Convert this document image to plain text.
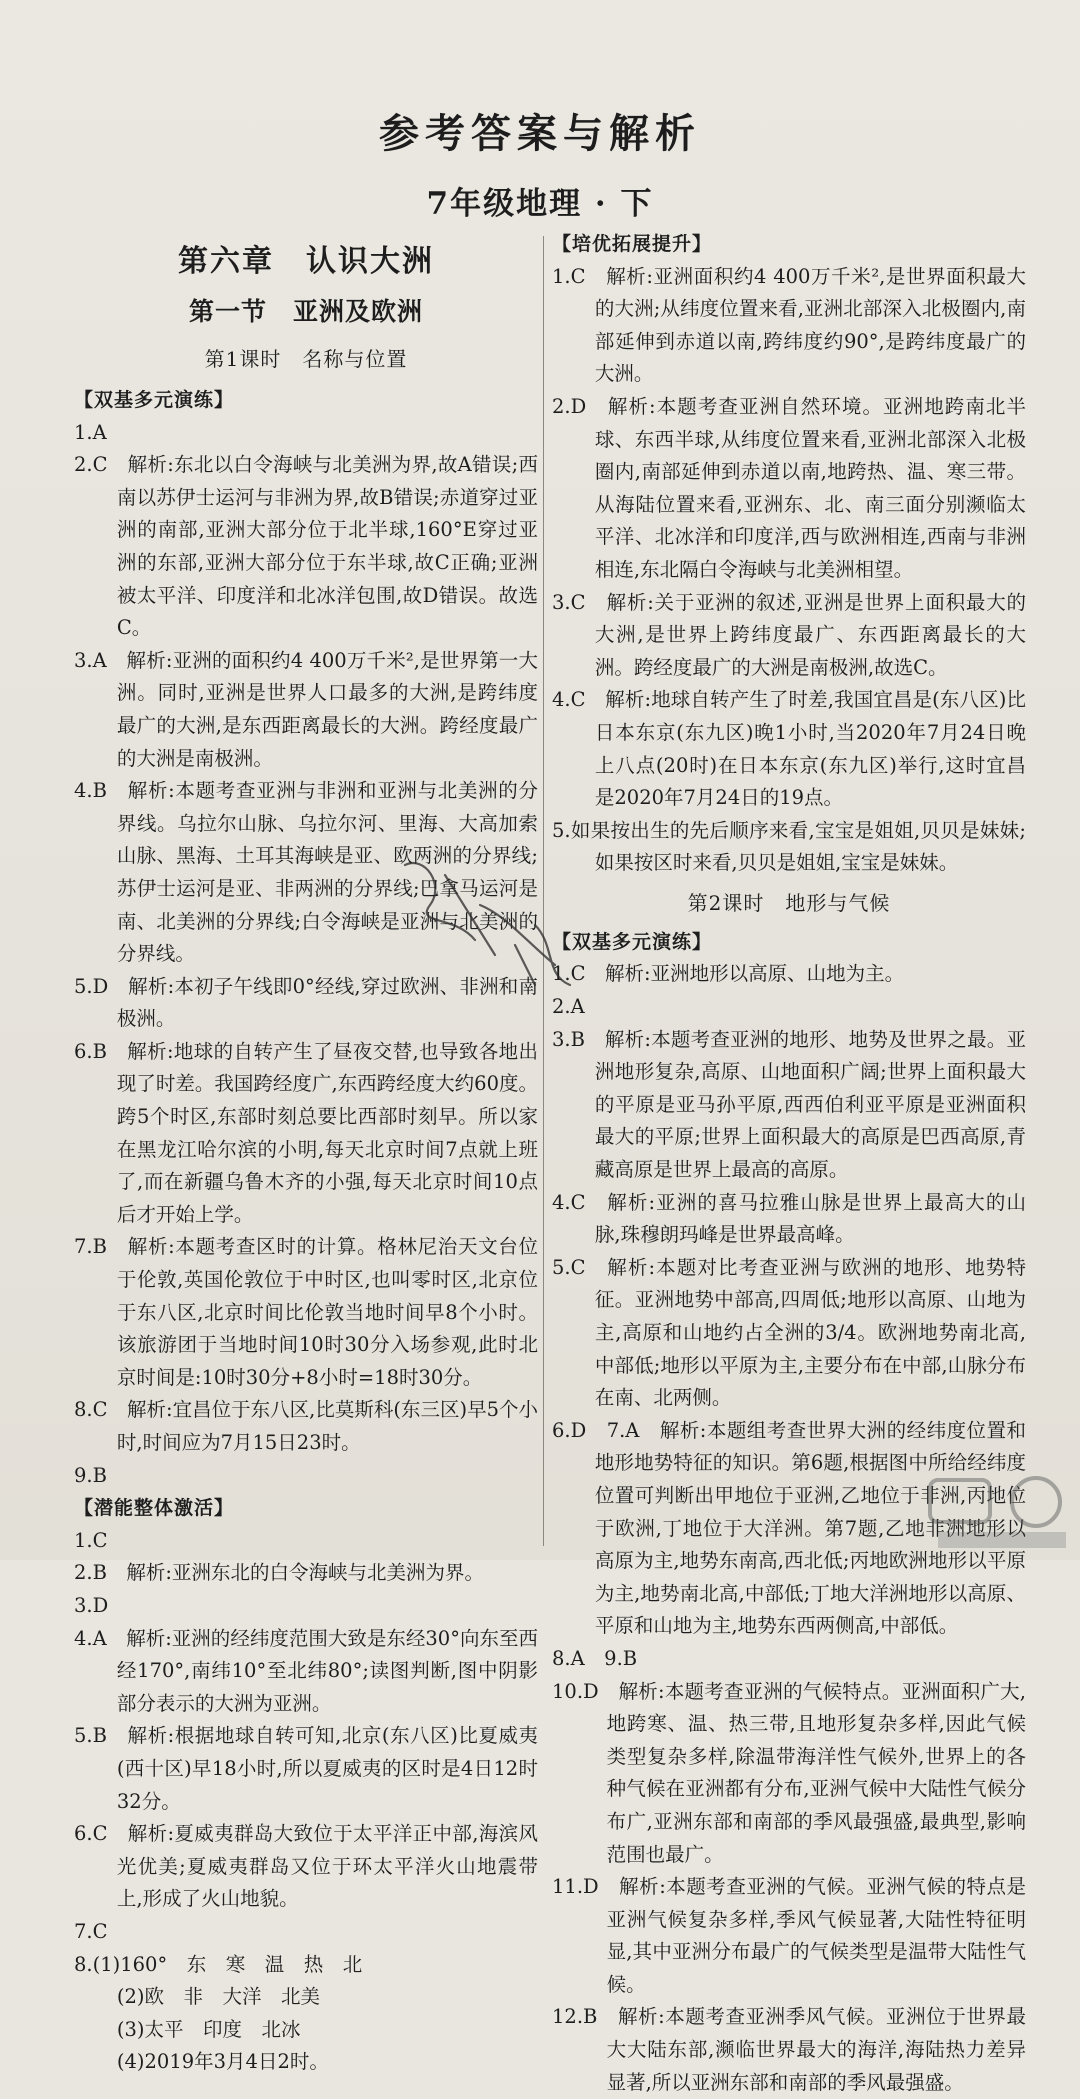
参考答案与解析
7年级地理 · 下
第六章　认识大洲
第一节　亚洲及欧洲
第1课时　名称与位置
【双基多元演练】
1.A
2.C　解析:东北以白令海峡与北美洲为界,故A错误;西南以苏伊士运河与非洲为界,故B错误;赤道穿过亚洲的南部,亚洲大部分位于北半球,160°E穿过亚洲的东部,亚洲大部分位于东半球,故C正确;亚洲被太平洋、印度洋和北冰洋包围,故D错误。故选C。
3.A　解析:亚洲的面积约4 400万千米²,是世界第一大洲。同时,亚洲是世界人口最多的大洲,是跨纬度最广的大洲,是东西距离最长的大洲。跨经度最广的大洲是南极洲。
4.B　解析:本题考查亚洲与非洲和亚洲与北美洲的分界线。乌拉尔山脉、乌拉尔河、里海、大高加索山脉、黑海、土耳其海峡是亚、欧两洲的分界线;苏伊士运河是亚、非两洲的分界线;巴拿马运河是南、北美洲的分界线;白令海峡是亚洲与北美洲的分界线。
5.D　解析:本初子午线即0°经线,穿过欧洲、非洲和南极洲。
6.B　解析:地球的自转产生了昼夜交替,也导致各地出现了时差。我国跨经度广,东西跨经度大约60度。跨5个时区,东部时刻总要比西部时刻早。所以家在黑龙江哈尔滨的小明,每天北京时间7点就上班了,而在新疆乌鲁木齐的小强,每天北京时间10点后才开始上学。
7.B　解析:本题考查区时的计算。格林尼治天文台位于伦敦,英国伦敦位于中时区,也叫零时区,北京位于东八区,北京时间比伦敦当地时间早8个小时。该旅游团于当地时间10时30分入场参观,此时北京时间是:10时30分+8小时=18时30分。
8.C　解析:宜昌位于东八区,比莫斯科(东三区)早5个小时,时间应为7月15日23时。
9.B
【潜能整体激活】
1.C
2.B　解析:亚洲东北的白令海峡与北美洲为界。
3.D
4.A　解析:亚洲的经纬度范围大致是东经30°向东至西经170°,南纬10°至北纬80°;读图判断,图中阴影部分表示的大洲为亚洲。
5.B　解析:根据地球自转可知,北京(东八区)比夏威夷(西十区)早18小时,所以夏威夷的区时是4日12时32分。
6.C　解析:夏威夷群岛大致位于太平洋正中部,海滨风光优美;夏威夷群岛又位于环太平洋火山地震带上,形成了火山地貌。
7.C
8.(1)160°　东　寒　温　热　北
(2)欧　非　大洋　北美
(3)太平　印度　北冰
(4)2019年3月4日2时。
【培优拓展提升】
1.C　解析:亚洲面积约4 400万千米²,是世界面积最大的大洲;从纬度位置来看,亚洲北部深入北极圈内,南部延伸到赤道以南,跨纬度约90°,是跨纬度最广的大洲。
2.D　解析:本题考查亚洲自然环境。亚洲地跨南北半球、东西半球,从纬度位置来看,亚洲北部深入北极圈内,南部延伸到赤道以南,地跨热、温、寒三带。从海陆位置来看,亚洲东、北、南三面分别濒临太平洋、北冰洋和印度洋,西与欧洲相连,西南与非洲相连,东北隔白令海峡与北美洲相望。
3.C　解析:关于亚洲的叙述,亚洲是世界上面积最大的大洲,是世界上跨纬度最广、东西距离最长的大洲。跨经度最广的大洲是南极洲,故选C。
4.C　解析:地球自转产生了时差,我国宜昌是(东八区)比日本东京(东九区)晚1小时,当2020年7月24日晚上八点(20时)在日本东京(东九区)举行,这时宜昌是2020年7月24日的19点。
5.如果按出生的先后顺序来看,宝宝是姐姐,贝贝是妹妹;如果按区时来看,贝贝是姐姐,宝宝是妹妹。
第2课时　地形与气候
【双基多元演练】
1.C　解析:亚洲地形以高原、山地为主。
2.A
3.B　解析:本题考查亚洲的地形、地势及世界之最。亚洲地形复杂,高原、山地面积广阔;世界上面积最大的平原是亚马孙平原,西西伯利亚平原是亚洲面积最大的平原;世界上面积最大的高原是巴西高原,青藏高原是世界上最高的高原。
4.C　解析:亚洲的喜马拉雅山脉是世界上最高大的山脉,珠穆朗玛峰是世界最高峰。
5.C　解析:本题对比考查亚洲与欧洲的地形、地势特征。亚洲地势中部高,四周低;地形以高原、山地为主,高原和山地约占全洲的3/4。欧洲地势南北高,中部低;地形以平原为主,主要分布在中部,山脉分布在南、北两侧。
6.D　7.A　解析:本题组考查世界大洲的经纬度位置和地形地势特征的知识。第6题,根据图中所给经纬度位置可判断出甲地位于亚洲,乙地位于非洲,丙地位于欧洲,丁地位于大洋洲。第7题,乙地非洲地形以高原为主,地势东南高,西北低;丙地欧洲地形以平原为主,地势南北高,中部低;丁地大洋洲地形以高原、平原和山地为主,地势东西两侧高,中部低。
8.A　9.B
10.D　解析:本题考查亚洲的气候特点。亚洲面积广大,地跨寒、温、热三带,且地形复杂多样,因此气候类型复杂多样,除温带海洋性气候外,世界上的各种气候在亚洲都有分布,亚洲气候中大陆性气候分布广,亚洲东部和南部的季风最强盛,最典型,影响范围也最广。
11.D　解析:本题考查亚洲的气候。亚洲气候的特点是亚洲气候复杂多样,季风气候显著,大陆性特征明显,其中亚洲分布最广的气候类型是温带大陆性气候。
12.B　解析:本题考查亚洲季风气候。亚洲位于世界最大大陆东部,濒临世界最大的海洋,海陆热力差异显著,所以亚洲东部和南部的季风最强盛。
